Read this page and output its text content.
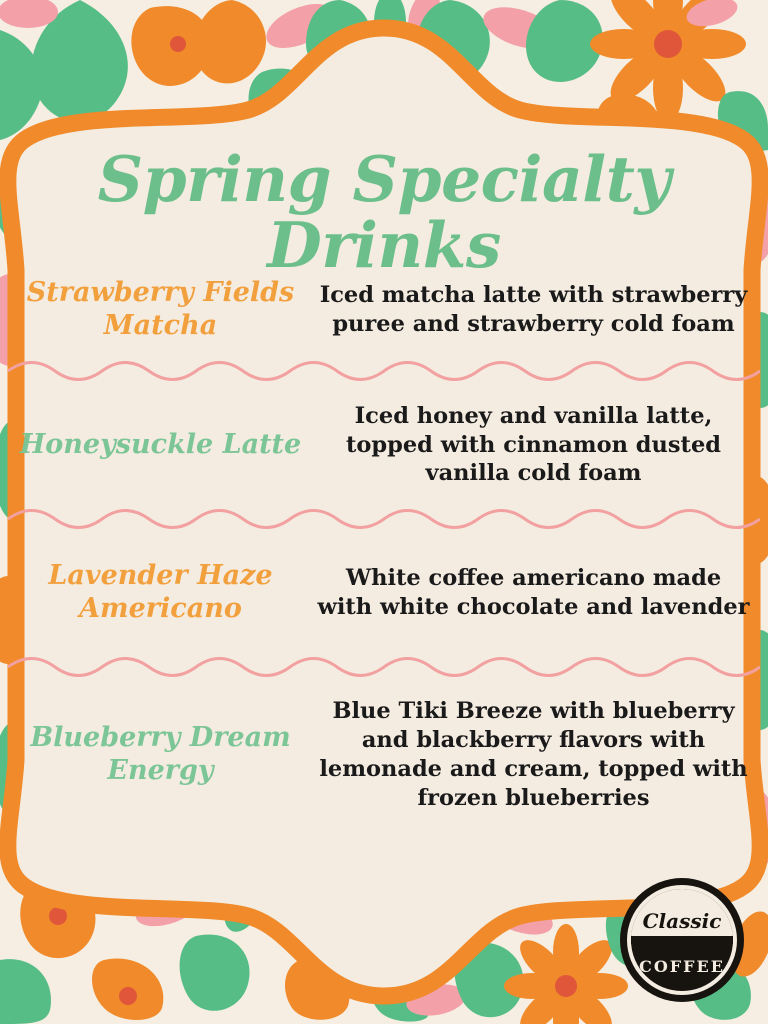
Spring Specialty Drinks
Strawberry Fields Matcha
Iced matcha latte with strawberry puree and strawberry cold foam
Honeysuckle Latte
Iced honey and vanilla latte, topped with cinnamon dusted vanilla cold foam
Lavender Haze Americano
White coffee americano made with white chocolate and lavender
Blueberry Dream Energy
Blue Tiki Breeze with blueberry and blackberry flavors with lemonade and cream, topped with frozen blueberries
Classic
COFFEE
